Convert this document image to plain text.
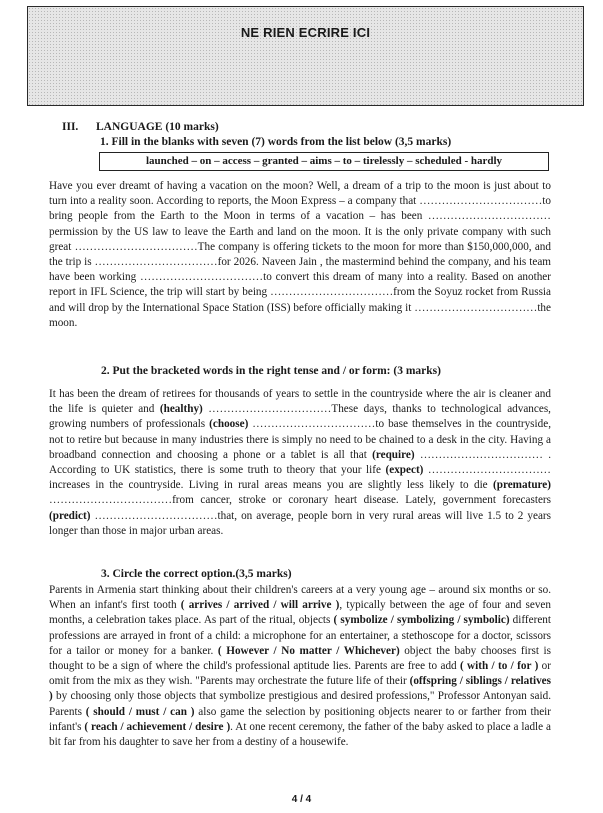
NE RIEN ECRIRE ICI
III. LANGUAGE (10 marks)
1. Fill in the blanks with seven (7) words from the list below (3,5 marks)
launched – on – access – granted – aims – to – tirelessly – scheduled - hardly

Have you ever dreamt of having a vacation on the moon? Well, a dream of a trip to the moon is just about to turn into a reality soon. According to reports, the Moon Express – a company that ……………………………to bring people from the Earth to the Moon in terms of a vacation – has been ……………………………permission by the US law to leave the Earth and land on the moon. It is the only private company with such great ……………………………The company is offering tickets to the moon for more than $150,000,000, and the trip is ……………………………for 2026. Naveen Jain , the mastermind behind the company, and his team have been working ……………………………to convert this dream of many into a reality. Based on another report in IFL Science, the trip will start by being ……………………………from the Soyuz rocket from Russia and will drop by the International Space Station (ISS) before officially making it ……………………………the moon.

2. Put the bracketed words in the right tense and / or form: (3 marks)

It has been the dream of retirees for thousands of years to settle in the countryside where the air is cleaner and the life is quieter and (healthy) ……………………………These days, thanks to technological advances, growing numbers of professionals (choose) ……………………………to base themselves in the countryside, not to retire but because in many industries there is simply no need to be chained to a desk in the city. Having a broadband connection and choosing a phone or a tablet is all that (require) …………………………… . According to UK statistics, there is some truth to theory that your life (expect) ……………………………increases in the countryside. Living in rural areas means you are slightly less likely to die (premature) ……………………………from cancer, stroke or coronary heart disease. Lately, government forecasters (predict) ……………………………that, on average, people born in very rural areas will live 1.5 to 2 years longer than those in major urban areas.

3. Circle the correct option.(3,5 marks)

Parents in Armenia start thinking about their children's careers at a very young age – around six months or so. When an infant's first tooth ( arrives / arrived / will arrive ), typically between the age of four and seven months, a celebration takes place. As part of the ritual, objects ( symbolize / symbolizing / symbolic) different professions are arrayed in front of a child: a microphone for an entertainer, a stethoscope for a doctor, scissors for a tailor or money for a banker. ( However / No matter / Whichever) object the baby chooses first is thought to be a sign of where the child's professional aptitude lies. Parents are free to add ( with / to / for ) or omit from the mix as they wish. "Parents may orchestrate the future life of their (offspring / siblings / relatives ) by choosing only those objects that symbolize prestigious and desired professions," Professor Antonyan said. Parents ( should / must / can ) also game the selection by positioning objects nearer to or farther from their infant's ( reach / achievement / desire ). At one recent ceremony, the father of the baby asked to place a ladle a bit far from his daughter to save her from a destiny of a housewife.

4 / 4
